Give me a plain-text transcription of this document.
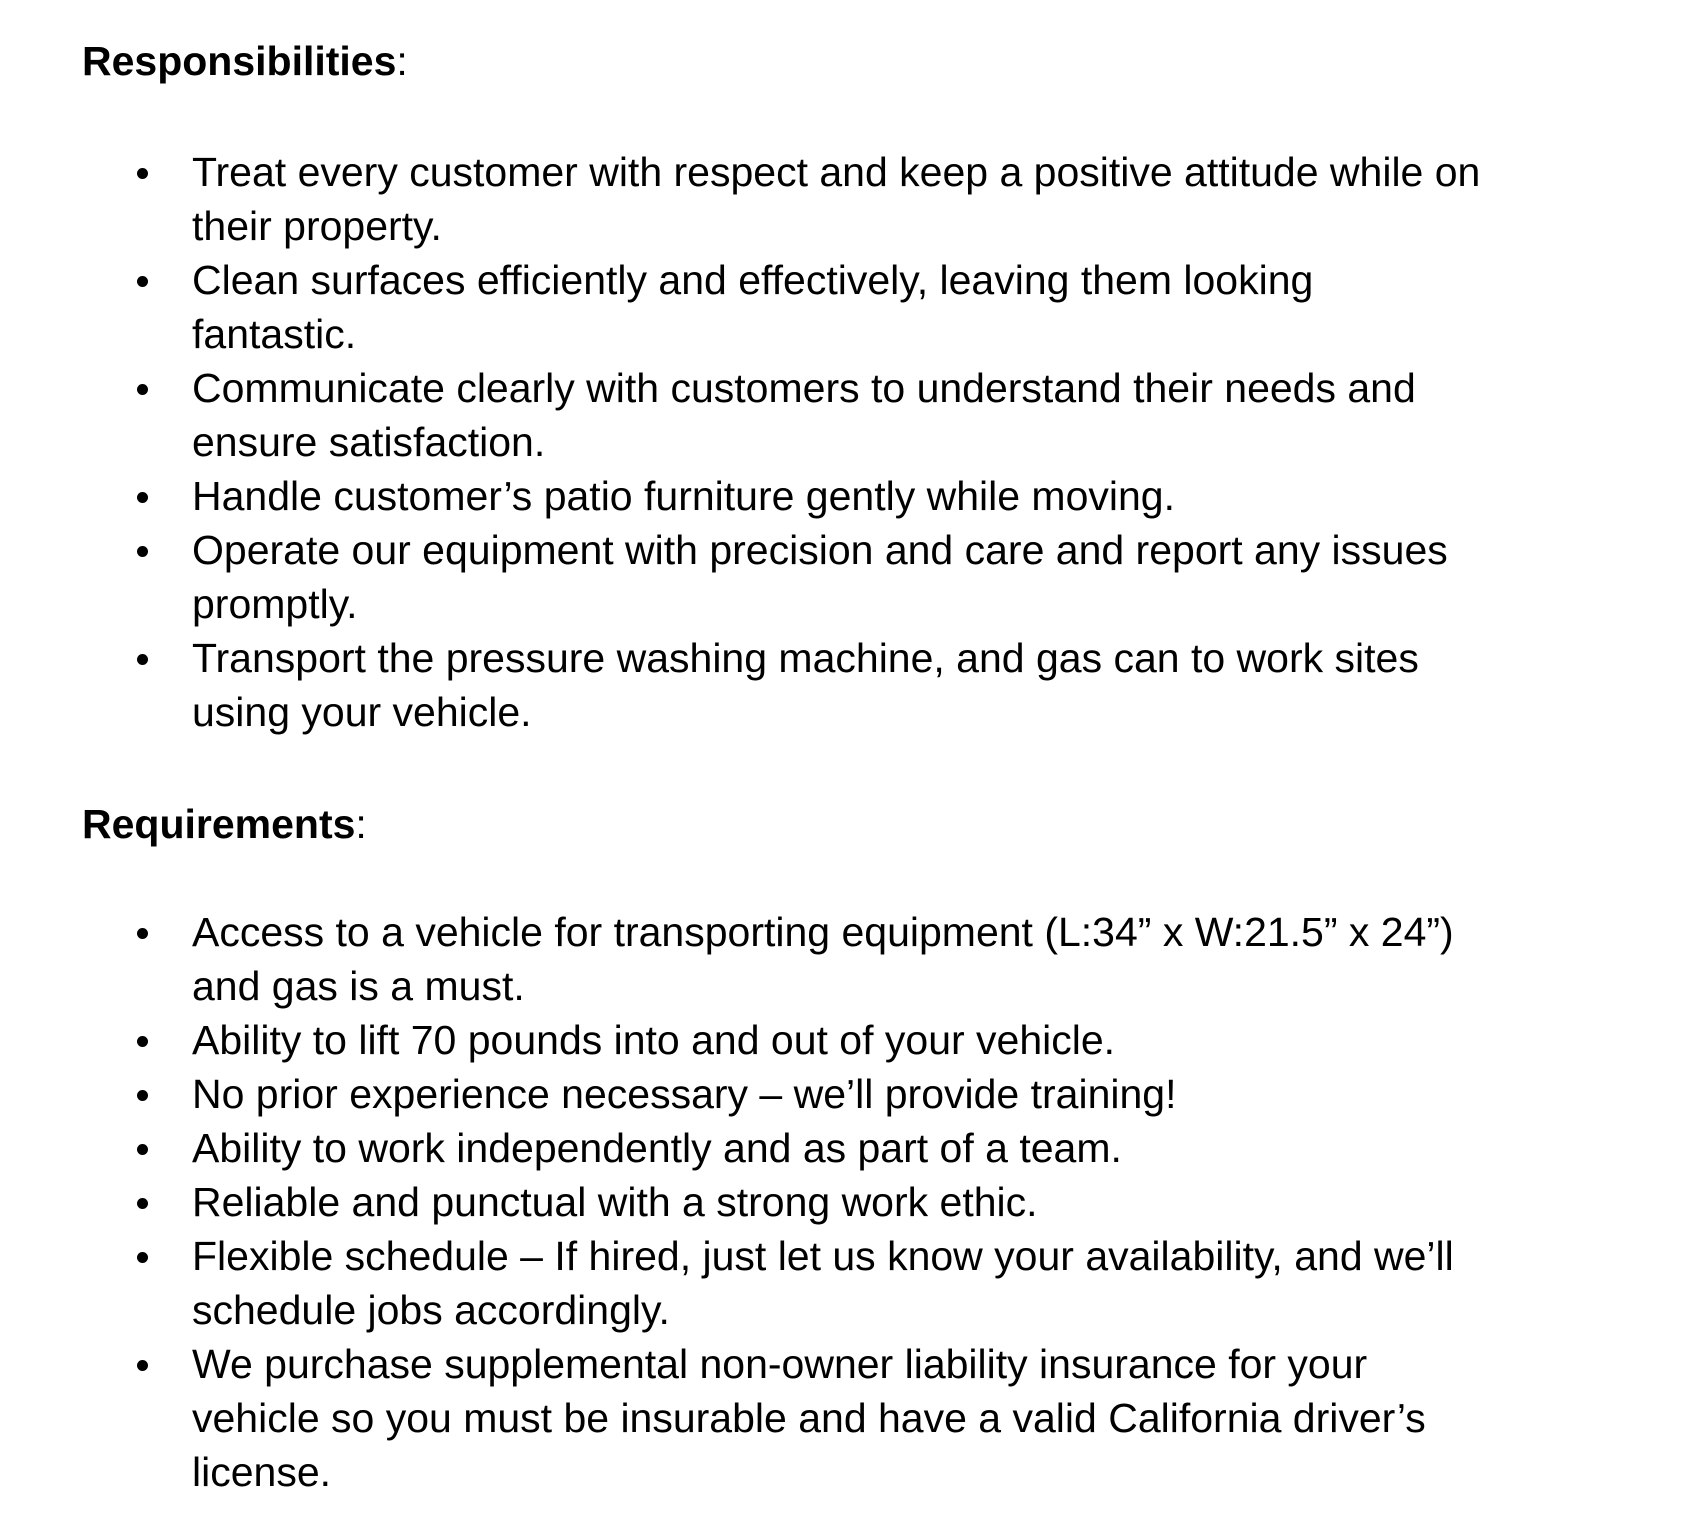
Responsibilities:
Treat every customer with respect and keep a positive attitude while on their property.
Clean surfaces efficiently and effectively, leaving them looking fantastic.
Communicate clearly with customers to understand their needs and ensure satisfaction.
Handle customer’s patio furniture gently while moving.
Operate our equipment with precision and care and report any issues promptly.
Transport the pressure washing machine, and gas can to work sites using your vehicle.
Requirements:
Access to a vehicle for transporting equipment (L:34” x W:21.5” x 24”) and gas is a must.
Ability to lift 70 pounds into and out of your vehicle.
No prior experience necessary – we’ll provide training!
Ability to work independently and as part of a team.
Reliable and punctual with a strong work ethic.
Flexible schedule – If hired, just let us know your availability, and we’ll schedule jobs accordingly.
We purchase supplemental non-owner liability insurance for your vehicle so you must be insurable and have a valid California driver’s license.
